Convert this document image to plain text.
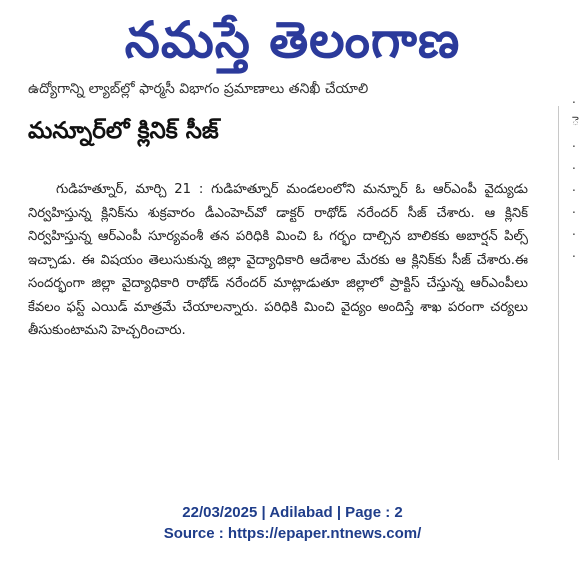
నమస్తే తెలంగాణ
ఉద్యోగాన్ని ల్యాబ్‌ల్లో ఫార్మసీ విభాగం ప్రమాణాలు తనిఖీ చేయాలి
మన్నూర్‌లో క్లినిక్ సీజ్
గుడిహత్నూర్, మార్చి 21 : గుడిహత్నూర్ మండలంలోని మన్నూర్ ఓ ఆర్ఎంపీ వైద్యుడు నిర్వహిస్తున్న క్లినిక్‌ను శుక్రవారం డీఎంహెచ్‌వో డాక్టర్ రాథోడ్ నరేందర్ సీజ్ చేశారు. ఆ క్లినిక్ నిర్వహిస్తున్న ఆర్ఎంపీ సూర్యవంశీ తన పరిధికి మించి ఓ గర్భం దాల్చిన బాలికకు అబార్షన్ పిల్స్ ఇచ్చాడు. ఈ విషయం తెలుసుకున్న జిల్లా వైద్యాధికారి ఆదేశాల మేరకు ఆ క్లినిక్‌కు సీజ్ చేశారు.ఈ సందర్భంగా జిల్లా వైద్యాధికారి రాథోడ్ నరేందర్ మాట్లాడుతూ జిల్లాలో ప్రాక్టిస్ చేస్తున్న ఆర్ఎంపీలు కేవలం ఫస్ట్ ఎయిడ్ మాత్రమే చేయాలన్నారు. పరిధికి మించి వైద్యం అందిస్తే శాఖ పరంగా చర్యలు తీసుకుంటామని హెచ్చరించారు.
.
ె
.
.
.
.
.
.
22/03/2025 | Adilabad | Page : 2
Source : https://epaper.ntnews.com/
